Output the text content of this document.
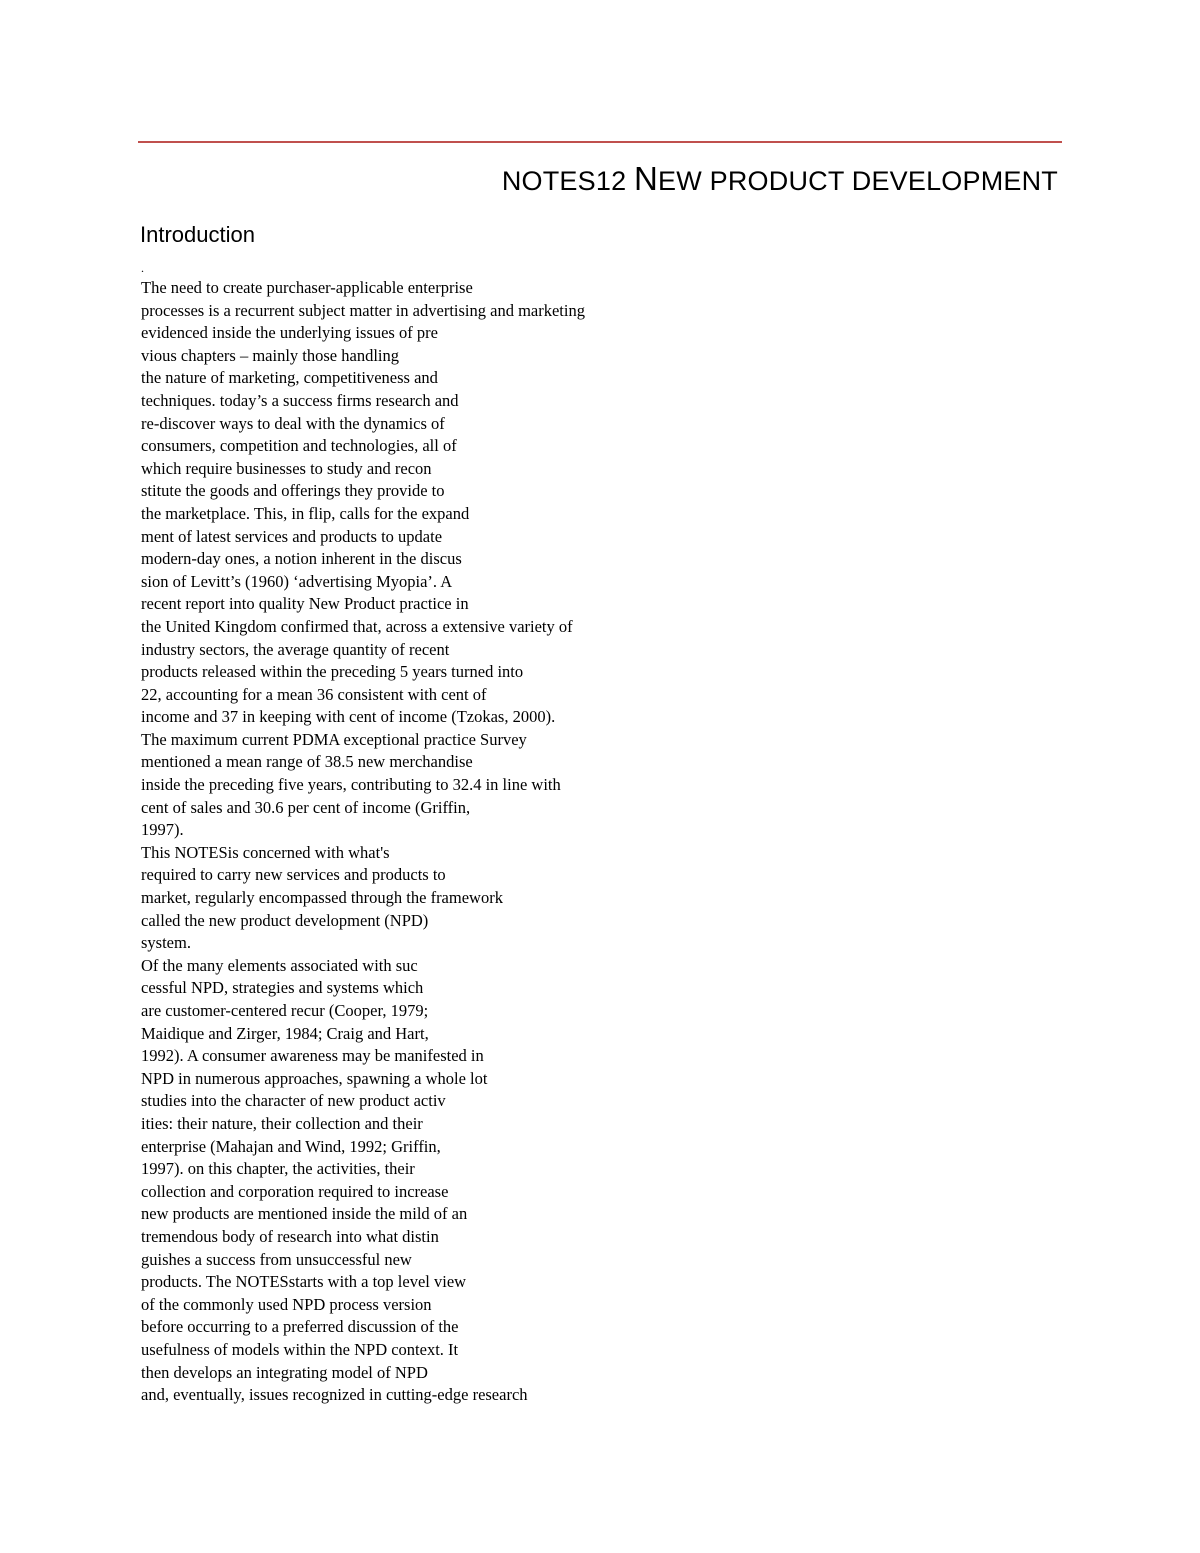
NOTES12 NEW PRODUCT DEVELOPMENT
Introduction
.
The need to create purchaser-applicable enterprise
processes is a recurrent subject matter in advertising and marketing
evidenced inside the underlying issues of pre
vious chapters – mainly those handling
the nature of marketing, competitiveness and
techniques. today’s a success firms research and
re-discover ways to deal with the dynamics of
consumers, competition and technologies, all of
which require businesses to study and recon
stitute the goods and offerings they provide to
the marketplace. This, in flip, calls for the expand
ment of latest services and products to update
modern-day ones, a notion inherent in the discus
sion of Levitt’s (1960) ‘advertising Myopia’. A
recent report into quality New Product practice in
the United Kingdom confirmed that, across a extensive variety of
industry sectors, the average quantity of recent
products released within the preceding 5 years turned into
22, accounting for a mean 36 consistent with cent of
income and 37 in keeping with cent of income (Tzokas, 2000).
The maximum current PDMA exceptional practice Survey
mentioned a mean range of 38.5 new merchandise
inside the preceding five years, contributing to 32.4 in line with
cent of sales and 30.6 per cent of income (Griffin,
1997).
This NOTESis concerned with what's
required to carry new services and products to
market, regularly encompassed through the framework
called the new product development (NPD)
system.
Of the many elements associated with suc
cessful NPD, strategies and systems which
are customer-centered recur (Cooper, 1979;
Maidique and Zirger, 1984; Craig and Hart,
1992). A consumer awareness may be manifested in
NPD in numerous approaches, spawning a whole lot
studies into the character of new product activ
ities: their nature, their collection and their
enterprise (Mahajan and Wind, 1992; Griffin,
1997). on this chapter, the activities, their
collection and corporation required to increase
new products are mentioned inside the mild of an
tremendous body of research into what distin
guishes a success from unsuccessful new
products. The NOTESstarts with a top level view
of the commonly used NPD process version
before occurring to a preferred discussion of the
usefulness of models within the NPD context. It
then develops an integrating model of NPD
and, eventually, issues recognized in cutting-edge research
